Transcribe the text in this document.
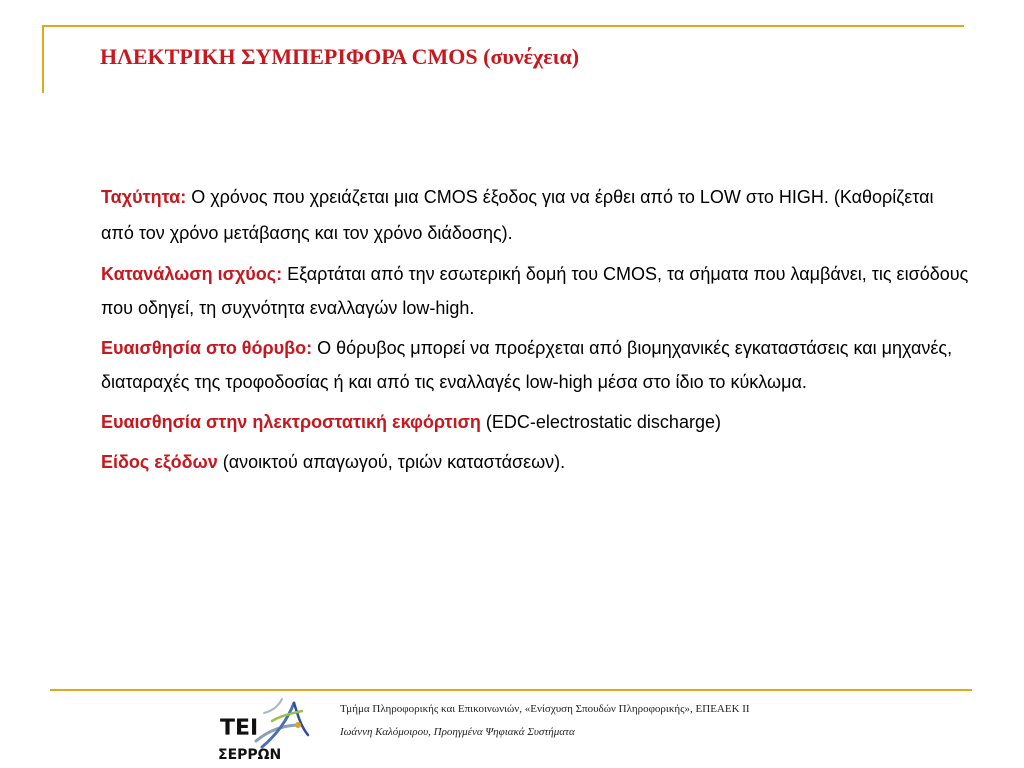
ΗΛΕΚΤΡΙΚΗ ΣΥΜΠΕΡΙΦΟΡΑ CMOS (συνέχεια)

Ταχύτητα: Ο χρόνος που χρειάζεται μια CMOS έξοδος για να έρθει από το LOW στο HIGH. (Καθορίζεται από τον χρόνο μετάβασης και τον χρόνο διάδοσης).

Κατανάλωση ισχύος: Εξαρτάται από την εσωτερική δομή του CMOS, τα σήματα που λαμβάνει, τις εισόδους που οδηγεί, τη συχνότητα εναλλαγών low-high.

Ευαισθησία στο θόρυβο: Ο θόρυβος μπορεί να προέρχεται από βιομηχανικές εγκαταστάσεις και μηχανές, διαταραχές της τροφοδοσίας ή και από τις εναλλαγές low-high μέσα στο ίδιο το κύκλωμα.

Ευαισθησία στην ηλεκτροστατική εκφόρτιση (EDC-electrostatic discharge)

Είδος εξόδων (ανοικτού απαγωγού, τριών καταστάσεων).

ΤΕΙ
ΣΕΡΡΩΝ
Τμήμα Πληροφορικής και Επικοινωνιών, «Ενίσχυση Σπουδών Πληροφορικής», ΕΠΕΑΕΚ ΙΙ
Ιωάννη Καλόμοιρου, Προηγμένα Ψηφιακά Συστήματα
